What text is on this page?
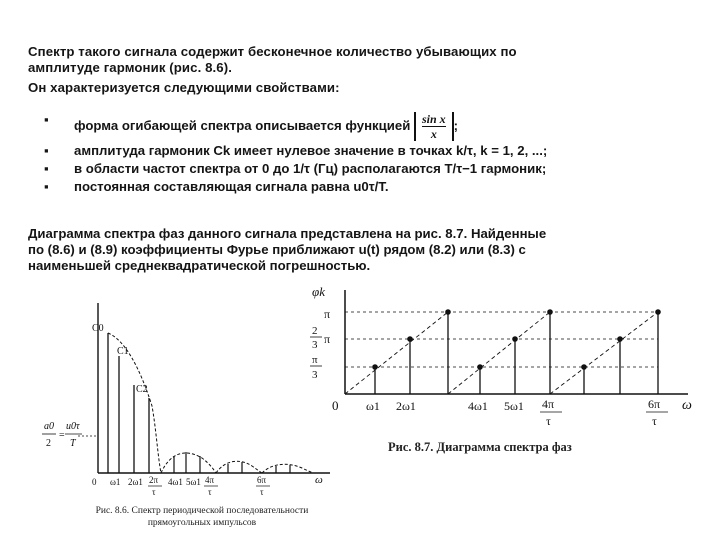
Спектр такого сигнала содержит бесконечное количество убывающих по амплитуде гармоник (рис. 8.6).
Он характеризуется следующими свойствами:
▪ форма огибающей спектра описывается функцией $\frac{\text{sin x}}{x}$ ;
▪ амплитуда гармоник Ck имеет нулевое значение в точках k/τ, k = 1, 2, ...;
▪ в области частот спектра от 0 до 1/τ (Гц) располагаются T/τ−1 гармоник;
▪ постоянная составляющая сигнала равна u0τ/T.
Диаграмма спектра фаз данного сигнала представлена на рис. 8.7. Найденные по (8.6) и (8.9) коэффициенты Фурье приближают u(t) рядом (8.2) или (8.3) с наименьшей среднеквадратической погрешностью.
C0
C1
C2
a0
2
=
u0τ
T
0 ω1 2ω1 2π
τ
4ω1 5ω1 4π
τ
6π
τ
ω
Рис. 8.6. Спектр периодической последовательности
прямоугольных импульсов
φk
π
2
3 π
π
3
0 ω1 2ω1	4ω1 5ω1 4π
τ
6π
τ
ω
Рис. 8.7. Диаграмма спектра фаз
